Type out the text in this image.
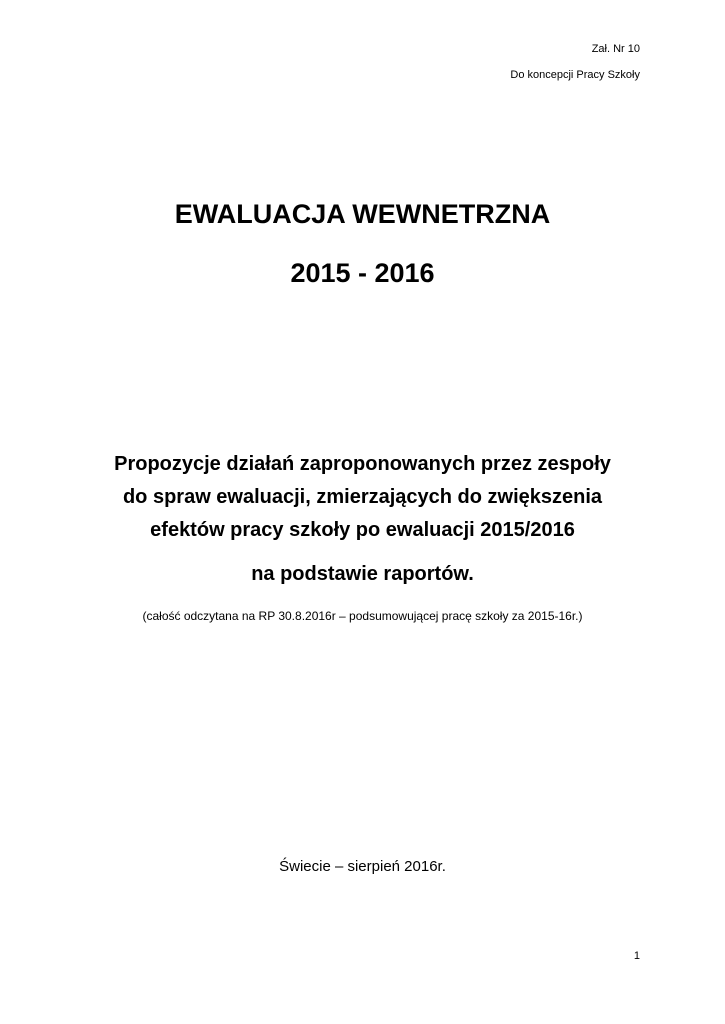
Zał. Nr 10
Do koncepcji Pracy Szkoły
EWALUACJA WEWNETRZNA
2015 - 2016
Propozycje działań zaproponowanych przez zespoły
do spraw ewaluacji, zmierzających do zwiększenia
efektów pracy szkoły po ewaluacji 2015/2016
na podstawie raportów.
(całość odczytana na RP 30.8.2016r – podsumowującej pracę szkoły za 2015-16r.)
Świecie – sierpień 2016r.
1
